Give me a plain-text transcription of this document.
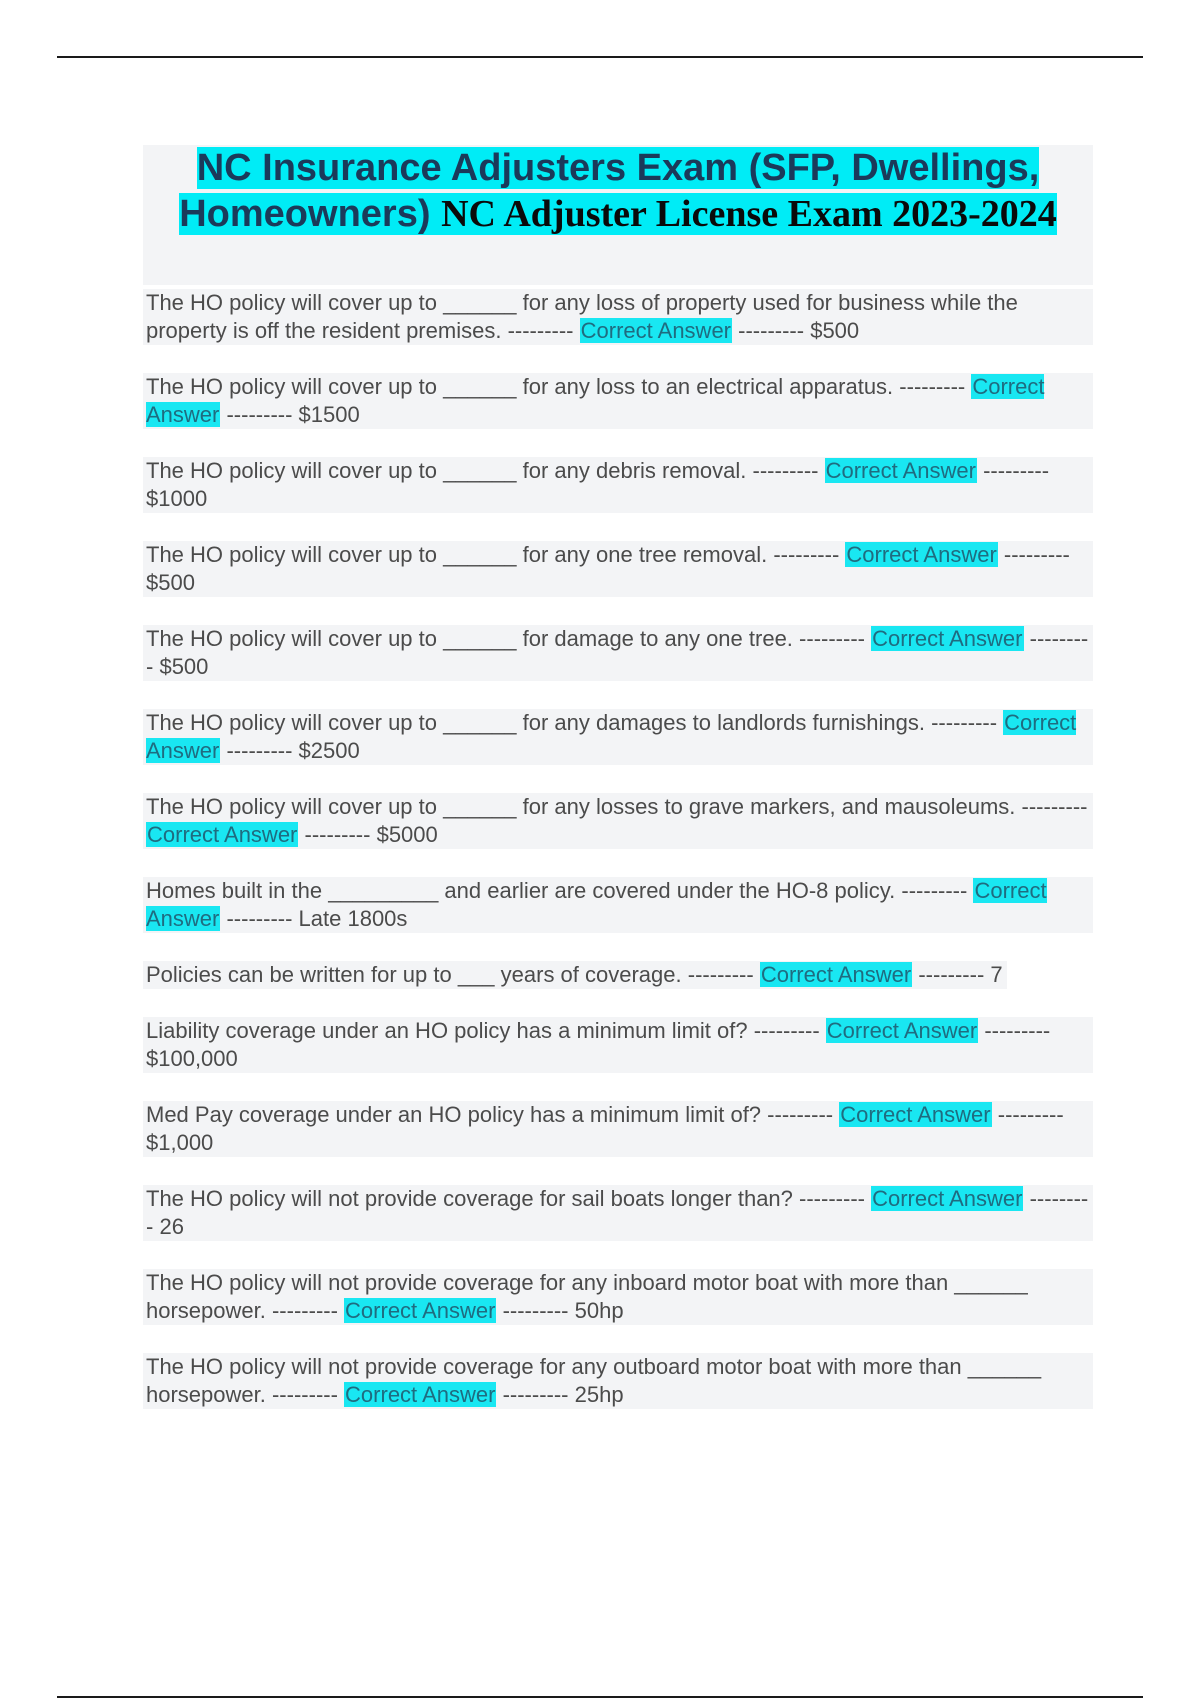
NC Insurance Adjusters Exam (SFP, Dwellings,
Homeowners) NC Adjuster License Exam 2023-2024
The HO policy will cover up to ______ for any loss of property used for business while the property is off the resident premises. --------- Correct Answer --------- $500
The HO policy will cover up to ______ for any loss to an electrical apparatus. --------- Correct Answer --------- $1500
The HO policy will cover up to ______ for any debris removal. --------- Correct Answer --------- $1000
The HO policy will cover up to ______ for any one tree removal. --------- Correct Answer --------- $500
The HO policy will cover up to ______ for damage to any one tree. --------- Correct Answer --------- $500
The HO policy will cover up to ______ for any damages to landlords furnishings. --------- Correct Answer --------- $2500
The HO policy will cover up to ______ for any losses to grave markers, and mausoleums. --------- Correct Answer --------- $5000
Homes built in the _________ and earlier are covered under the HO-8 policy. --------- Correct Answer --------- Late 1800s
Policies can be written for up to ___ years of coverage. --------- Correct Answer --------- 7
Liability coverage under an HO policy has a minimum limit of? --------- Correct Answer --------- $100,000
Med Pay coverage under an HO policy has a minimum limit of? --------- Correct Answer --------- $1,000
The HO policy will not provide coverage for sail boats longer than? --------- Correct Answer --------- 26
The HO policy will not provide coverage for any inboard motor boat with more than ______ horsepower. --------- Correct Answer --------- 50hp
The HO policy will not provide coverage for any outboard motor boat with more than ______ horsepower. --------- Correct Answer --------- 25hp
